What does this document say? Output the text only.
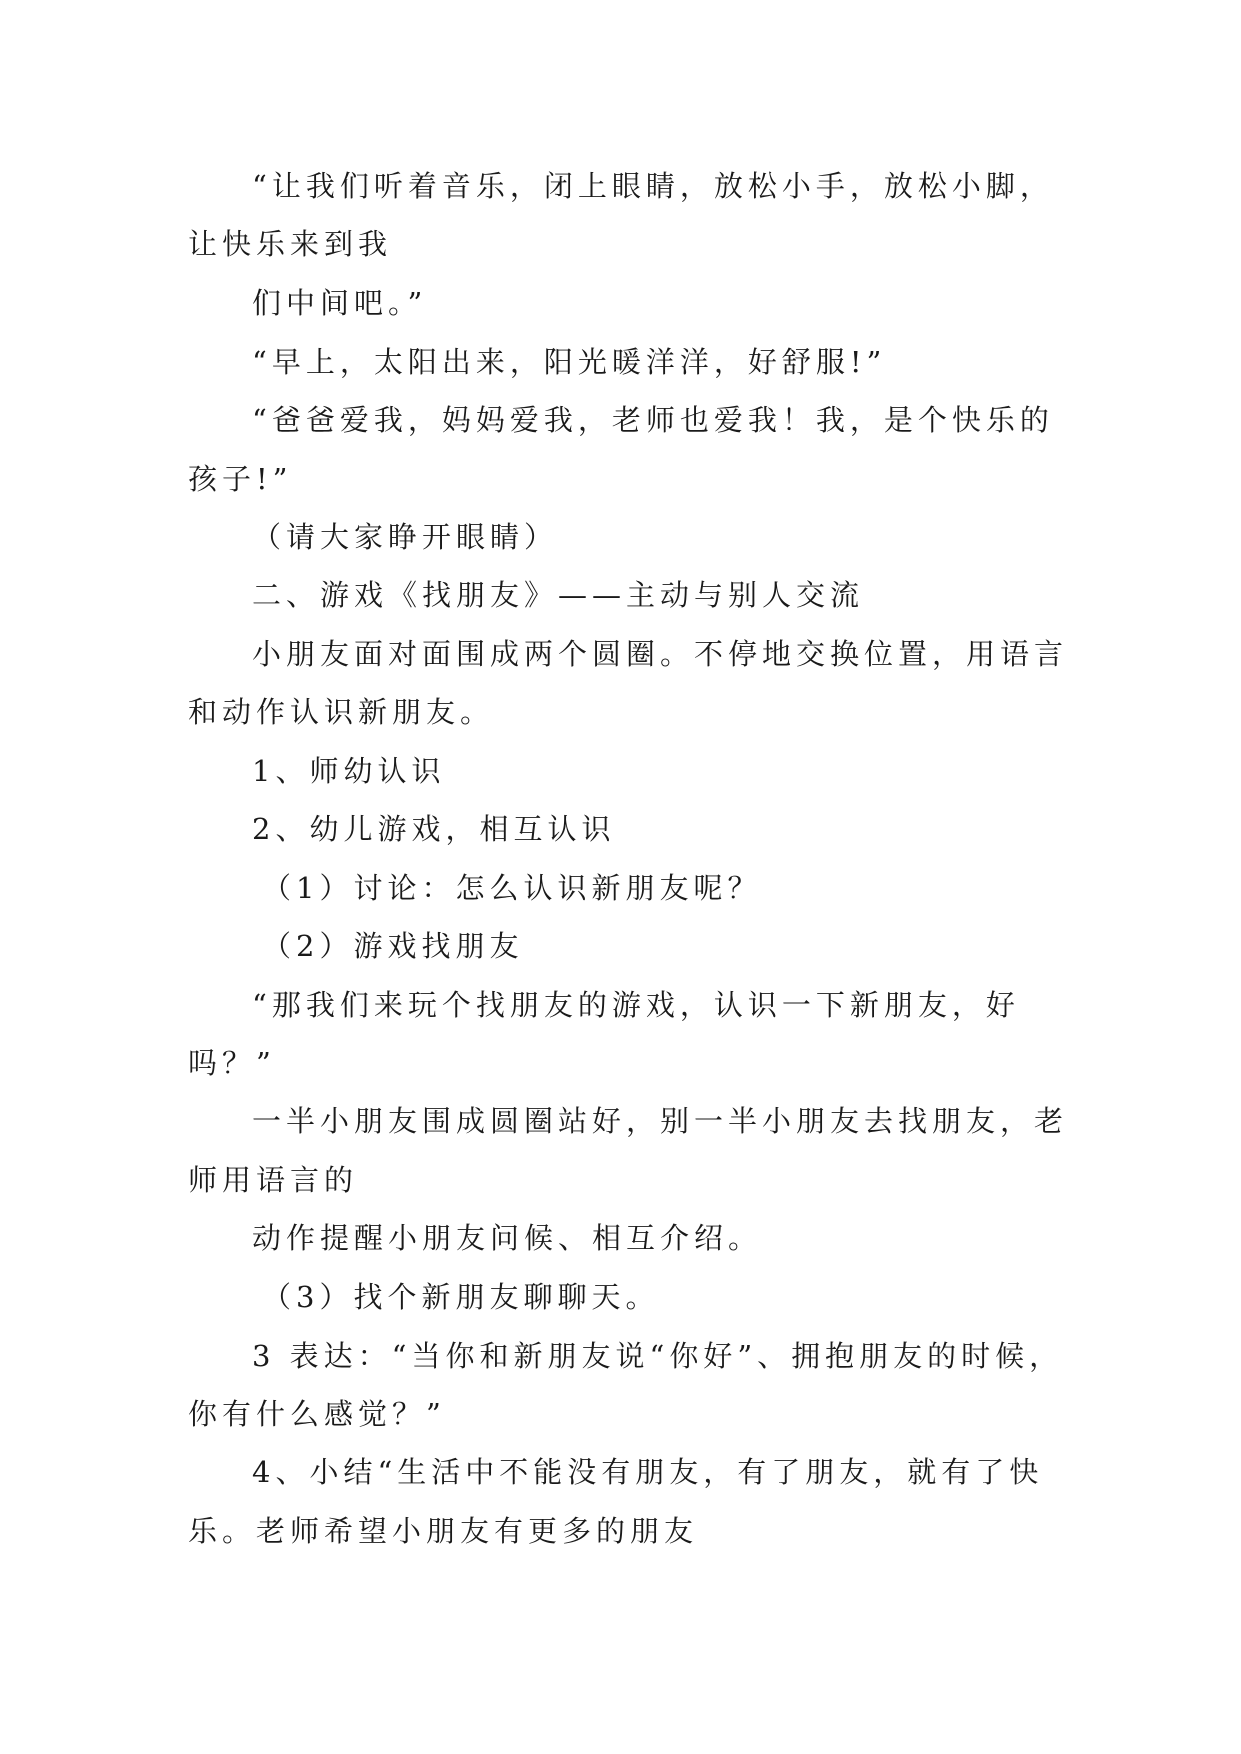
“让我们听着音乐，闭上眼睛，放松小手，放松小脚，
让快乐来到我
们中间吧。”
“早上，太阳出来，阳光暖洋洋，好舒服!”
“爸爸爱我，妈妈爱我，老师也爱我！我，是个快乐的
孩子!”
（请大家睁开眼睛）
二、游戏《找朋友》——主动与别人交流
小朋友面对面围成两个圆圈。不停地交换位置，用语言
和动作认识新朋友。
1、师幼认识
2、幼儿游戏，相互认识
（1）讨论：怎么认识新朋友呢？
（2）游戏找朋友
“那我们来玩个找朋友的游戏，认识一下新朋友，好
吗？”
一半小朋友围成圆圈站好，别一半小朋友去找朋友，老
师用语言的
动作提醒小朋友问候、相互介绍。
（3）找个新朋友聊聊天。
3 表达：“当你和新朋友说“你好”、拥抱朋友的时候，
你有什么感觉？”
4、小结“生活中不能没有朋友，有了朋友，就有了快
乐。老师希望小朋友有更多的朋友
